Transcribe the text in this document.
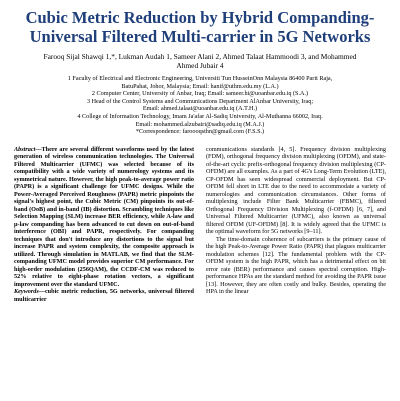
Cubic Metric Reduction by Hybrid Companding-Universal Filtered Multi-carrier in 5G Networks
Farooq Sijal Shawqi 1,*, Lukman Audah 1, Sameer Alani 2, Ahmed Talaat Hammoodi 3, and Mohammed
Ahmed Jubair 4
1 Faculty of Electrical and Electronic Engineering, Universiti Tun HusseinOnn Malaysia 86400 Parit Raja,
BatuPahat, Johor, Malaysia; Email: hanif@uthm.edu.my (L.A.)
2 Computer Center, University of Anbar, Iraq; Email: sameer.hi@uoanbar.edu.iq (S.A.)
3 Head of the Control Systems and Communications Department AlAnbar University, Iraq;
Email: ahmed.talaat@uoanbar.edu.iq (A.T.H.)
4 College of Information Technology, Imam Ja'afar Al-Sadiq University, Al-Muthanna 66002, Iraq.
Email: mohammed.alzubairi@sadiq.edu.iq (M.A.J.)
*Correspondence: faroooqsthn@gmail.com (F.S.S.)

Abstract—There are several different waveforms used by the latest generation of wireless communication technologies. The Universal Filtered Multicarrier (UFMC) was selected because of its compatibility with a wide variety of numerology systems and its symmetrical nature. However, the high peak-to-average power ratio (PAPR) is a significant challenge for UFMC designs. While the Power-Averaged Perceived Roughness (PAPR) metric pinpoints the signal's highest point, the Cubic Metric (CM) pinpoints its out-of-band (OoB) and in-band (IB) distortion. Scrambling techniques like Selection Mapping (SLM) increase BER efficiency, while A-law and μ-law companding has been advanced to cut down on out-of-band interference (OBI) and PAPR, respectively. For companding techniques that don't introduce any distortions to the signal but increase PAPR and system complexity, the composite approach is utilized. Through simulation in MATLAB, we find that the SLM-companding UFMC model provides superior CM performance. For high-order modulation (256QAM), the CCDF-CM was reduced to 52% relative to eight-phase rotation vectors, a significant improvement over the standard UFMC.

Keywords—cubic metric reduction, 5G networks, universal filtered multicarrier

communications standards [4, 5]. Frequency division multiplexing (FDM), orthogonal frequency division multiplexing (OFDM), and state-of-the-art cyclic prefix-orthogonal frequency division multiplexing (CP-OFDM) are all examples. As a part of 4G's Long-Term Evolution (LTE), CP-OFDM has seen widespread commercial deployment. But CP-OFDM fell short in LTE due to the need to accommodate a variety of numerologies and communication circumstances. Other forms of multiplexing include Filter Bank Multicarrier (FBMC), filtered Orthogonal Frequency Division Multiplexing (f-OFDM) [6, 7], and Universal Filtered Multicarrier (UFMC), also known as universal filtered OFDM (UF-OFDM) [8]. It is widely agreed that the UFMC is the optimal waveform for 5G networks [9–11].

The time-domain coherence of subcarriers is the primary cause of the high Peak-to-Average Power Ratio (PAPR) that plagues multicarrier modulation schemes [12]. The fundamental problem with the CP-OFDM system is the high PAPR, which has a detrimental effect on bit error rate (BER) performance and causes spectral corruption. High-performance HPAs are the standard method for avoiding the PAPR issue [13]. However, they are often costly and bulky. Besides, operating the HPA in the linear
